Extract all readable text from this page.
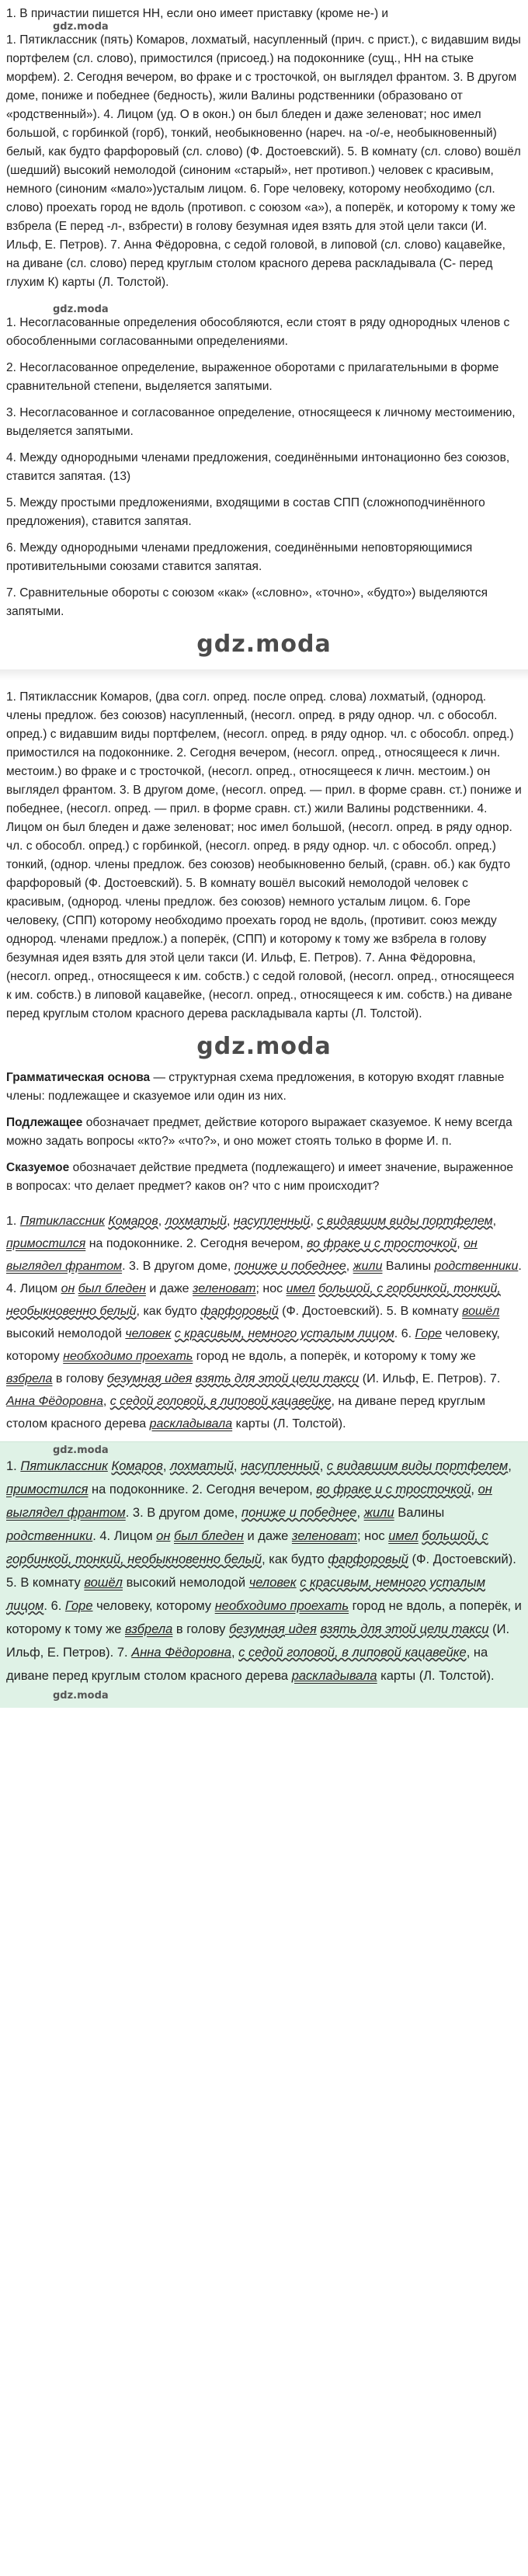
1. В причастии пишется НН, если оно имеет приставку (кроме не-) и
gdz.moda
1. Пятиклассник (пять) Комаров, лохматый, насупленный (прич. с прист.), с видавшим виды портфелем (сл. слово), примостился (присоед.) на подоконнике (сущ., НН на стыке морфем). 2. Сегодня вечером, во фраке и с тросточкой, он выглядел франтом. 3. В другом доме, пониже и победнее (бедность), жили Валины родственники (образовано от «родственный»). 4. Лицом (уд. О в окон.) он был бледен и даже зеленоват; нос имел большой, с горбинкой (горб), тонкий, необыкновенно (нареч. на -о/-е, необыкновенный) белый, как будто фарфоровый (сл. слово) (Ф. Достоевский). 5. В комнату (сл. слово) вошёл (шедший) высокий немолодой (синоним «старый», нет противоп.) человек с красивым, немного (синоним «мало»)усталым лицом. 6. Горе человеку, которому необходимо (сл. слово) проехать город не вдоль (противоп. с союзом «а»), а поперёк, и которому к тому же взбрела (Е перед -л-, взбрести) в голову безумная идея взять для этой цели такси (И. Ильф, Е. Петров). 7. Анна Фёдоровна, с седой головой, в липовой (сл. слово) кацавейке, на диване (сл. слово) перед круглым столом красного дерева раскладывала (С- перед глухим К) карты (Л. Толстой).
gdz.moda
1. Несогласованные определения обособляются, если стоят в ряду однородных членов с обособленными согласованными определениями.
2. Несогласованное определение, выраженное оборотами с прилагательными в форме сравнительной степени, выделяется запятыми.
3. Несогласованное и согласованное определение, относящееся к личному местоимению, выделяется запятыми.
4. Между однородными членами предложения, соединёнными интонационно без союзов, ставится запятая. (13)
5. Между простыми предложениями, входящими в состав СПП (сложноподчинённого предложения), ставится запятая.
6. Между однородными членами предложения, соединёнными неповторяющимися противительными союзами ставится запятая.
7. Сравнительные обороты с союзом «как» («словно», «точно», «будто») выделяются запятыми.
gdz.moda
1. Пятиклассник Комаров, (два согл. опред. после опред. слова) лохматый, (однород. члены предлож. без союзов) насупленный, (несогл. опред. в ряду однор. чл. с обособл. опред.) с видавшим виды портфелем, (несогл. опред. в ряду однор. чл. с обособл. опред.) примостился на подоконнике. 2. Сегодня вечером, (несогл. опред., относящееся к личн. местоим.) во фраке и с тросточкой, (несогл. опред., относящееся к личн. местоим.) он выглядел франтом. 3. В другом доме, (несогл. опред. — прил. в форме сравн. ст.) пониже и победнее, (несогл. опред. — прил. в форме сравн. ст.) жили Валины родственники. 4. Лицом он был бледен и даже зеленоват; нос имел большой, (несогл. опред. в ряду однор. чл. с обособл. опред.) с горбинкой, (несогл. опред. в ряду однор. чл. с обособл. опред.) тонкий, (однор. члены предлож. без союзов) необыкновенно белый, (сравн. об.) как будто фарфоровый (Ф. Достоевский). 5. В комнату вошёл высокий немолодой человек с красивым, (однород. члены предлож. без союзов) немного усталым лицом. 6. Горе человеку, (СПП) которому необходимо проехать город не вдоль, (противит. союз между однород. членами предлож.) а поперёк, (СПП) и которому к тому же взбрела в голову безумная идея взять для этой цели такси (И. Ильф, Е. Петров). 7. Анна Фёдоровна, (несогл. опред., относящееся к им. собств.) с седой головой, (несогл. опред., относящееся к им. собств.) в липовой кацавейке, (несогл. опред., относящееся к им. собств.) на диване перед круглым столом красного дерева раскладывала карты (Л. Толстой).
gdz.moda
Грамматическая основа — структурная схема предложения, в которую входят главные члены: подлежащее и сказуемое или один из них.
Подлежащее обозначает предмет, действие которого выражает сказуемое. К нему всегда можно задать вопросы «кто?» «что?», и оно может стоять только в форме И. п.
Сказуемое обозначает действие предмета (подлежащего) и имеет значение, выраженное в вопросах: что делает предмет? каков он? что с ним происходит?
1. Пятиклассник Комаров, лохматый, насупленный, с видавшим виды портфелем, примостился на подоконнике. 2. Сегодня вечером, во фраке и с тросточкой, он выглядел франтом. 3. В другом доме, пониже и победнее, жили Валины родственники. 4. Лицом он был бледен и даже зеленоват; нос имел большой, с горбинкой, тонкий, необыкновенно белый, как будто фарфоровый (Ф. Достоевский). 5. В комнату вошёл высокий немолодой человек с красивым, немного усталым лицом. 6. Горе человеку, которому необходимо проехать город не вдоль, а поперёк, и которому к тому же взбрела в голову безумная идея взять для этой цели такси (И. Ильф, Е. Петров). 7. Анна Фёдоровна, с седой головой, в липовой кацавейке, на диване перед круглым столом красного дерева раскладывала карты (Л. Толстой).
gdz.moda
1. Пятиклассник Комаров, лохматый, насупленный, с видавшим виды портфелем, примостился на подоконнике. 2. Сегодня вечером, во фраке и с тросточкой, он выглядел франтом. 3. В другом доме, пониже и победнее, жили Валины родственники. 4. Лицом он был бледен и даже зеленоват; нос имел большой, с горбинкой, тонкий, необыкновенно белый, как будто фарфоровый (Ф. Достоевский). 5. В комнату вошёл высокий немолодой человек с красивым, немного усталым лицом. 6. Горе человеку, которому необходимо проехать город не вдоль, а поперёк, и которому к тому же взбрела в голову безумная идея взять для этой цели такси (И. Ильф, Е. Петров). 7. Анна Фёдоровна, с седой головой, в липовой кацавейке, на диване перед круглым столом красного дерева раскладывала карты (Л. Толстой).
gdz.moda
